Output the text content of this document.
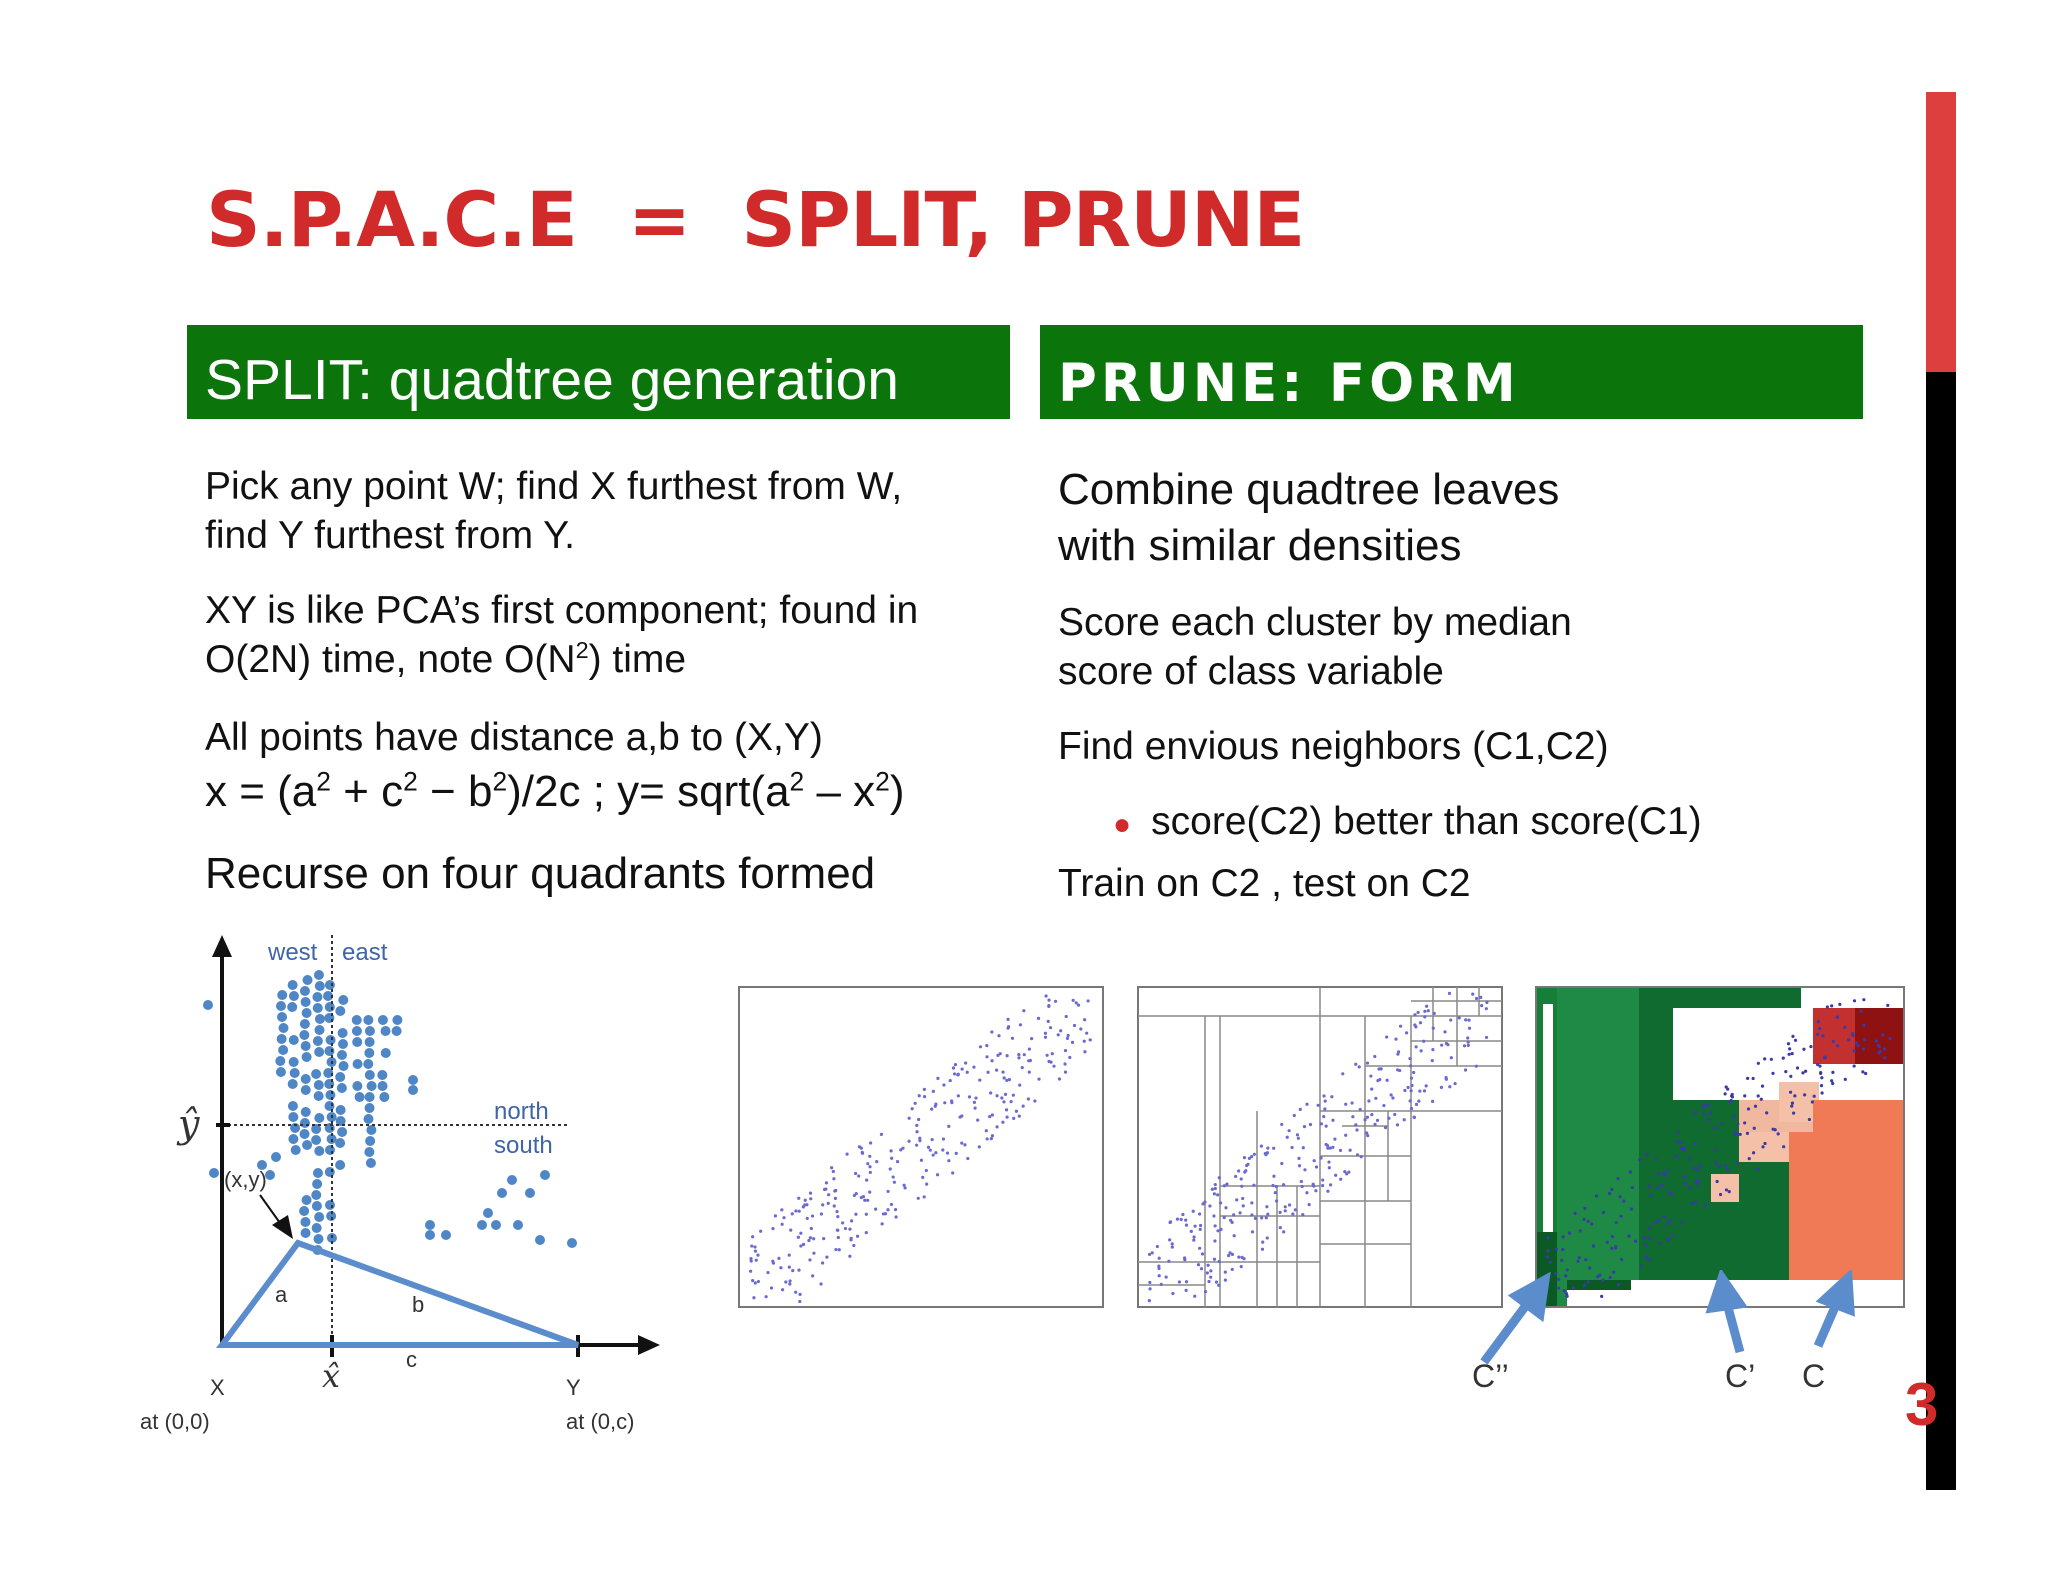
S.P.A.C.E  =  SPLIT, PRUNE
SPLIT: quadtree generation	PRUNE: FORM CLUSTERS
Pick any point W; find X furthest from W,
find Y furthest from Y.
XY is like PCA’s first component; found in
O(2N) time, note $O(N^2)$ time
All points have distance a,b to (X,Y)
$x = (a^2 + c^2 - b^2)/2c$ ; $y= sqrt(a^2 - x^2)$
Recurse on four quadrants formed
Combine quadtree leaves
with similar densities
Score each cluster by median
score of class variable
Find envious neighbors (C1,C2)
● score(C2) better than score(C1)
Train on C2 , test on C2
west east
north
south
ŷ
x̂
(x,y)
a	b
c
X
at (0,0)
Y
at (0,c)
C’’	C’ C 3
